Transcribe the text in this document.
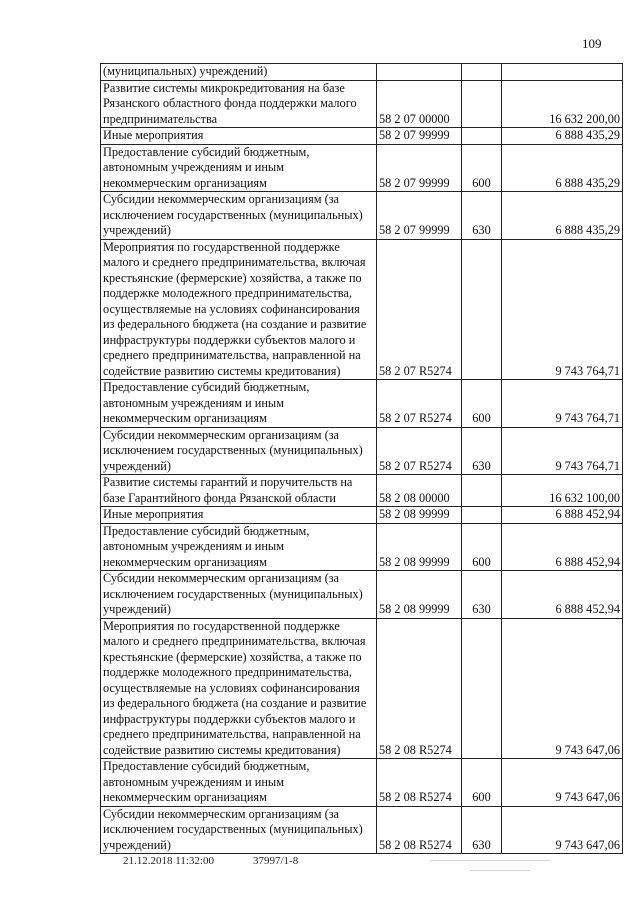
109
(муниципальных) учреждений)			
Развитие системы микрокредитования на базе Рязанского областного фонда поддержки малого предпринимательства	58 2 07 00000		16 632 200,00
Иные мероприятия	58 2 07 99999		6 888 435,29
Предоставление субсидий бюджетным, автономным учреждениям и иным некоммерческим организациям	58 2 07 99999	600	6 888 435,29
Субсидии некоммерческим организациям (за исключением государственных (муниципальных) учреждений)	58 2 07 99999	630	6 888 435,29
Мероприятия по государственной поддержке малого и среднего предпринимательства, включая крестьянские (фермерские) хозяйства, а также по поддержке молодежного предпринимательства, осуществляемые на условиях софинансирования из федерального бюджета (на создание и развитие инфраструктуры поддержки субъектов малого и среднего предпринимательства, направленной на содействие развитию системы кредитования)	58 2 07 R5274		9 743 764,71
Предоставление субсидий бюджетным, автономным учреждениям и иным некоммерческим организациям	58 2 07 R5274	600	9 743 764,71
Субсидии некоммерческим организациям (за исключением государственных (муниципальных) учреждений)	58 2 07 R5274	630	9 743 764,71
Развитие системы гарантий и поручительств на базе Гарантийного фонда Рязанской области	58 2 08 00000		16 632 100,00
Иные мероприятия	58 2 08 99999		6 888 452,94
Предоставление субсидий бюджетным, автономным учреждениям и иным некоммерческим организациям	58 2 08 99999	600	6 888 452,94
Субсидии некоммерческим организациям (за исключением государственных (муниципальных) учреждений)	58 2 08 99999	630	6 888 452,94
Мероприятия по государственной поддержке малого и среднего предпринимательства, включая крестьянские (фермерские) хозяйства, а также по поддержке молодежного предпринимательства, осуществляемые на условиях софинансирования из федерального бюджета (на создание и развитие инфраструктуры поддержки субъектов малого и среднего предпринимательства, направленной на содействие развитию системы кредитования)	58 2 08 R5274		9 743 647,06
Предоставление субсидий бюджетным, автономным учреждениям и иным некоммерческим организациям	58 2 08 R5274	600	9 743 647,06
Субсидии некоммерческим организациям (за исключением государственных (муниципальных) учреждений)	58 2 08 R5274	630	9 743 647,06
21.12.2018 11:32:00	37997/1-8
